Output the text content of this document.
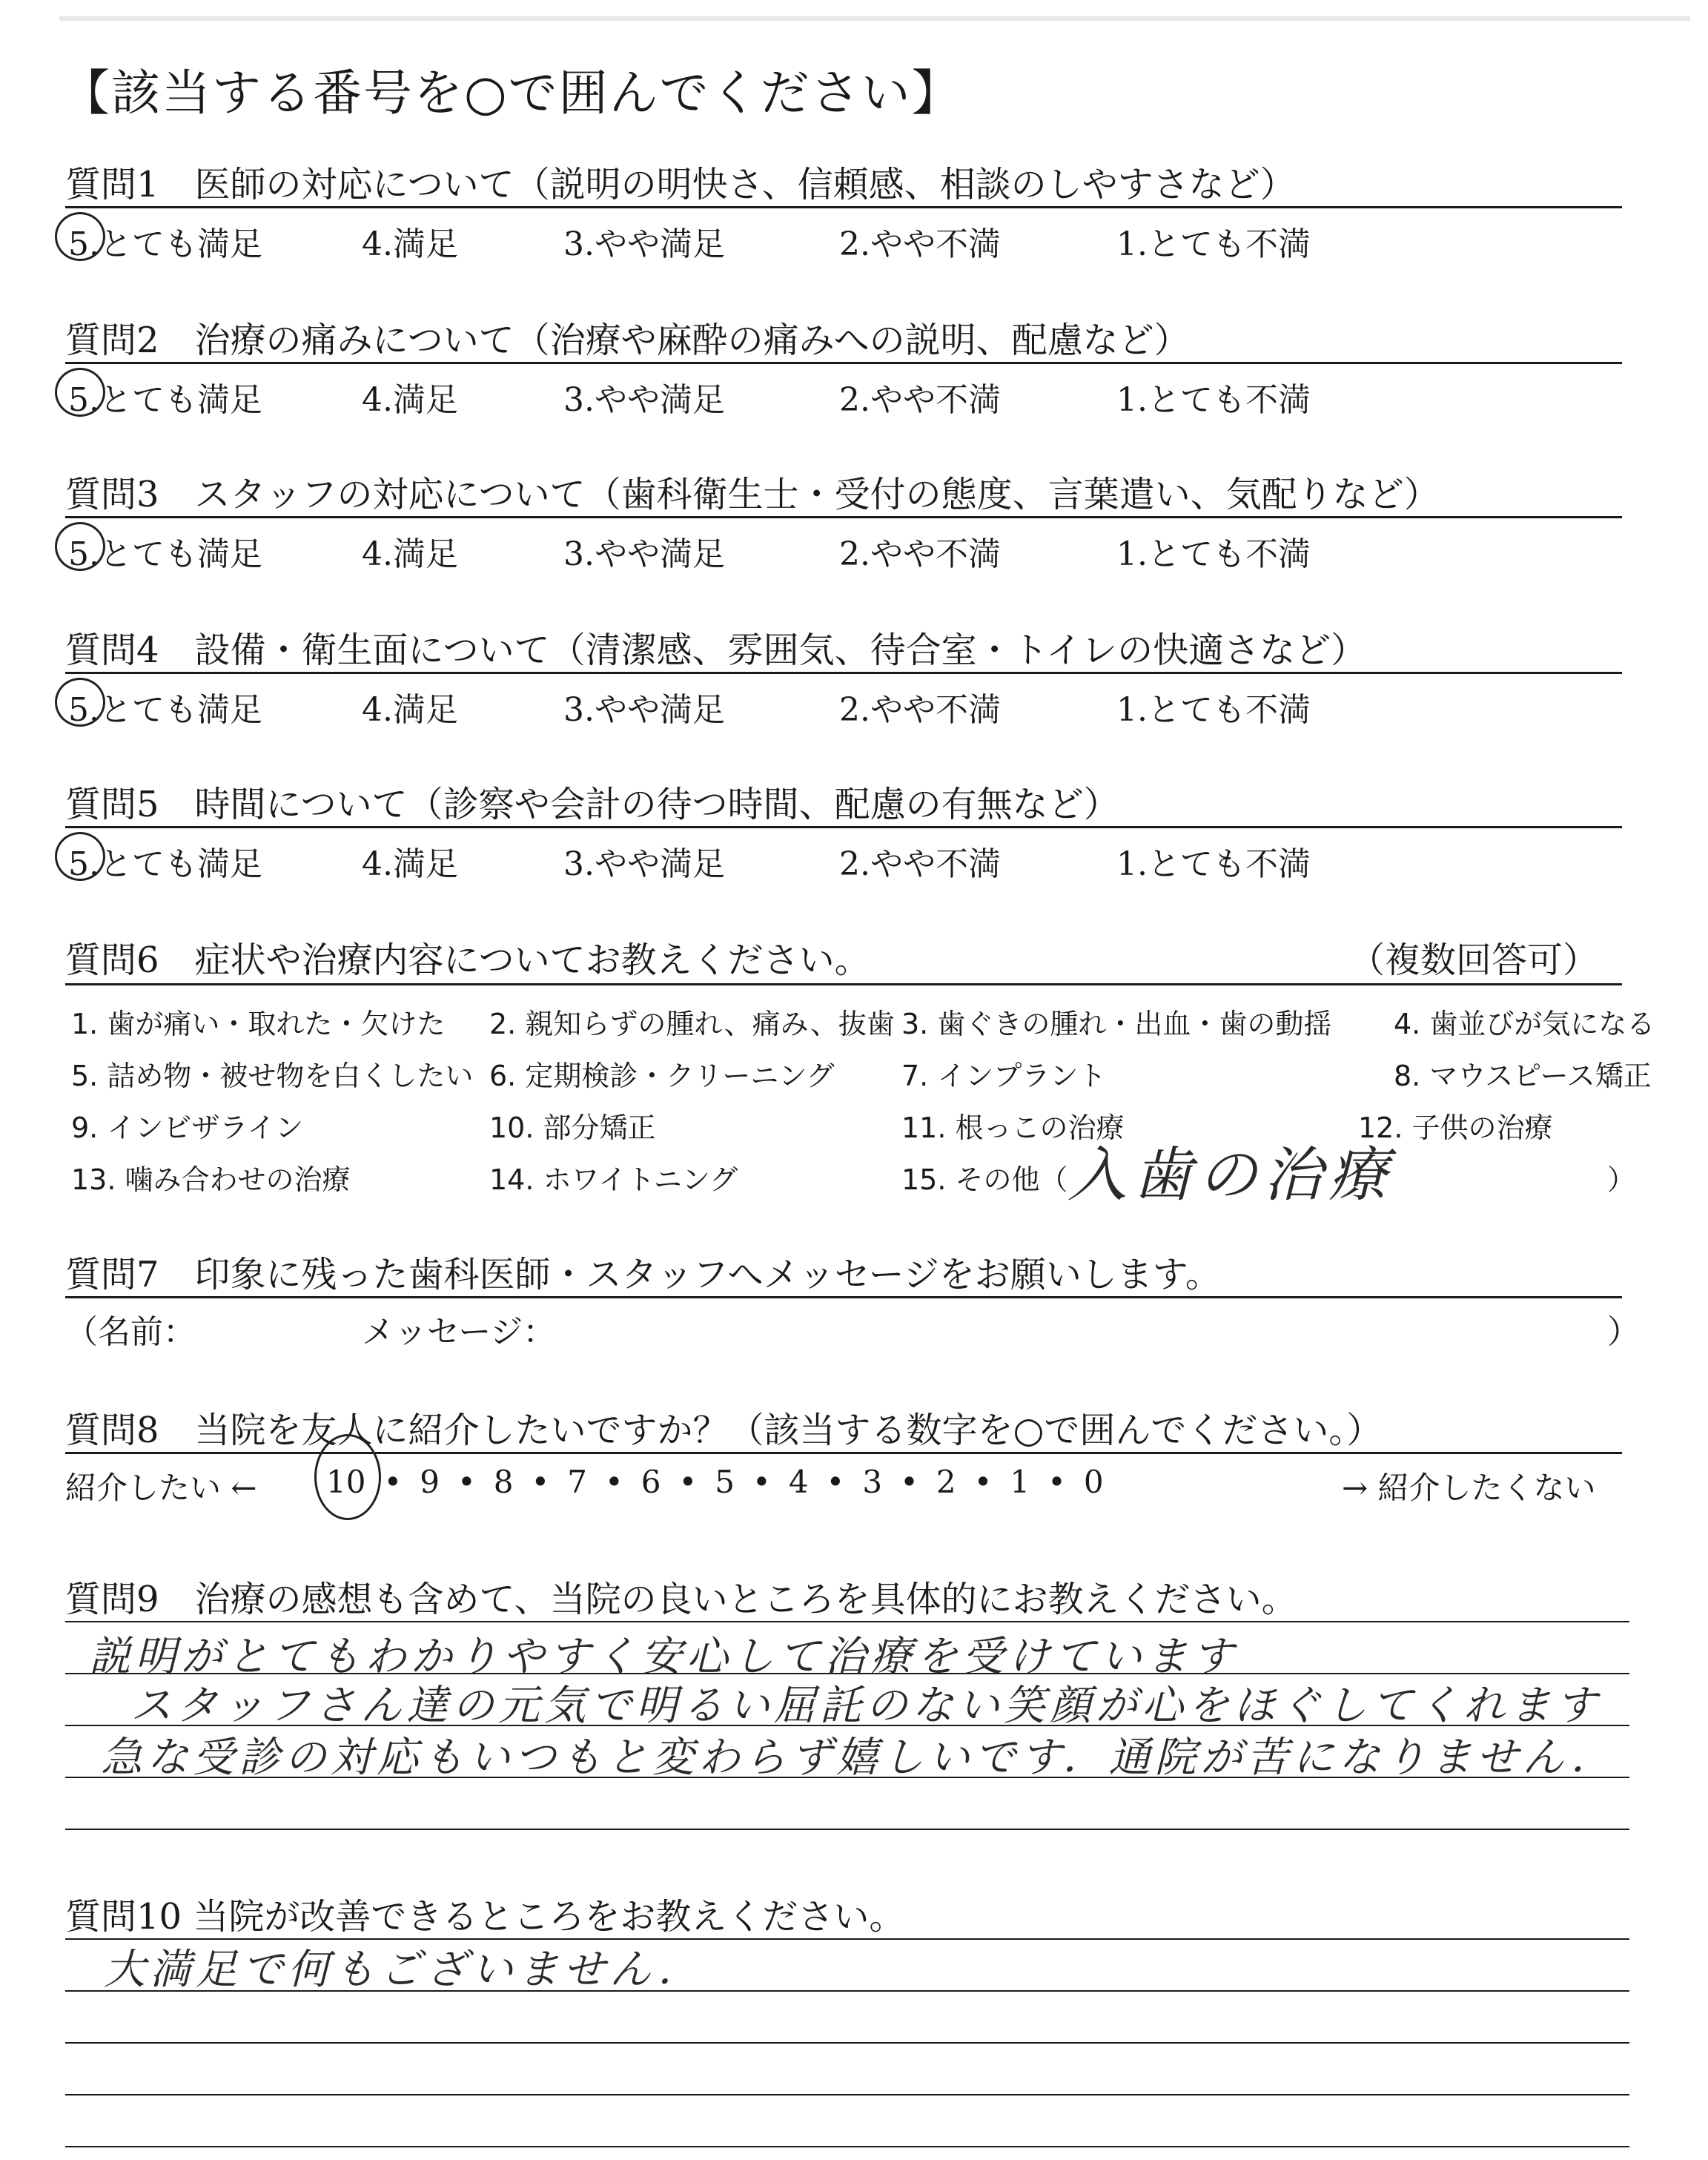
【該当する番号を○で囲んでください】
質問1　医師の対応について（説明の明快さ、信頼感、相談のしやすさなど）
5.とても満足	4.満足	3.やや満足	2.やや不満	1.とても不満
質問2　治療の痛みについて（治療や麻酔の痛みへの説明、配慮など）
5.とても満足	4.満足	3.やや満足	2.やや不満	1.とても不満
質問3　スタッフの対応について（歯科衛生士・受付の態度、言葉遣い、気配りなど）
5.とても満足	4.満足	3.やや満足	2.やや不満	1.とても不満
質問4　設備・衛生面について（清潔感、雰囲気、待合室・トイレの快適さなど）
5.とても満足	4.満足	3.やや満足	2.やや不満	1.とても不満
質問5　時間について（診察や会計の待つ時間、配慮の有無など）
5.とても満足	4.満足	3.やや満足	2.やや不満	1.とても不満
質問6　症状や治療内容についてお教えください。	（複数回答可）
1. 歯が痛い・取れた・欠けた 2. 親知らずの腫れ、痛み、抜歯 3. 歯ぐきの腫れ・出血・歯の動揺 4. 歯並びが気になる
5. 詰め物・被せ物を白くしたい 6. 定期検診・クリーニング 7. インプラント	8. マウスピース矯正
9. インビザライン	10. 部分矯正	11. 根っこの治療	12. 子供の治療
13. 噛み合わせの治療	14. ホワイトニング	15. その他（ 入歯の治療	）
質問7　印象に残った歯科医師・スタッフへメッセージをお願いします。
（名前：	メッセージ：	）
質問8　当院を友人に紹介したいですか？（該当する数字を○で囲んでください。）
紹介したい ← 10 • 9 • 8 • 7 • 6 • 5 • 4 • 3 • 2 • 1 • 0	→ 紹介したくない
質問9　治療の感想も含めて、当院の良いところを具体的にお教えください。
説明がとてもわかりやすく安心して治療を受けています
スタッフさん達の元気で明るい屈託のない笑顔が心をほぐしてくれます
急な受診の対応もいつもと変わらず嬉しいです．通院が苦になりません．
質問10 当院が改善できるところをお教えください。
大満足で何もございません．
